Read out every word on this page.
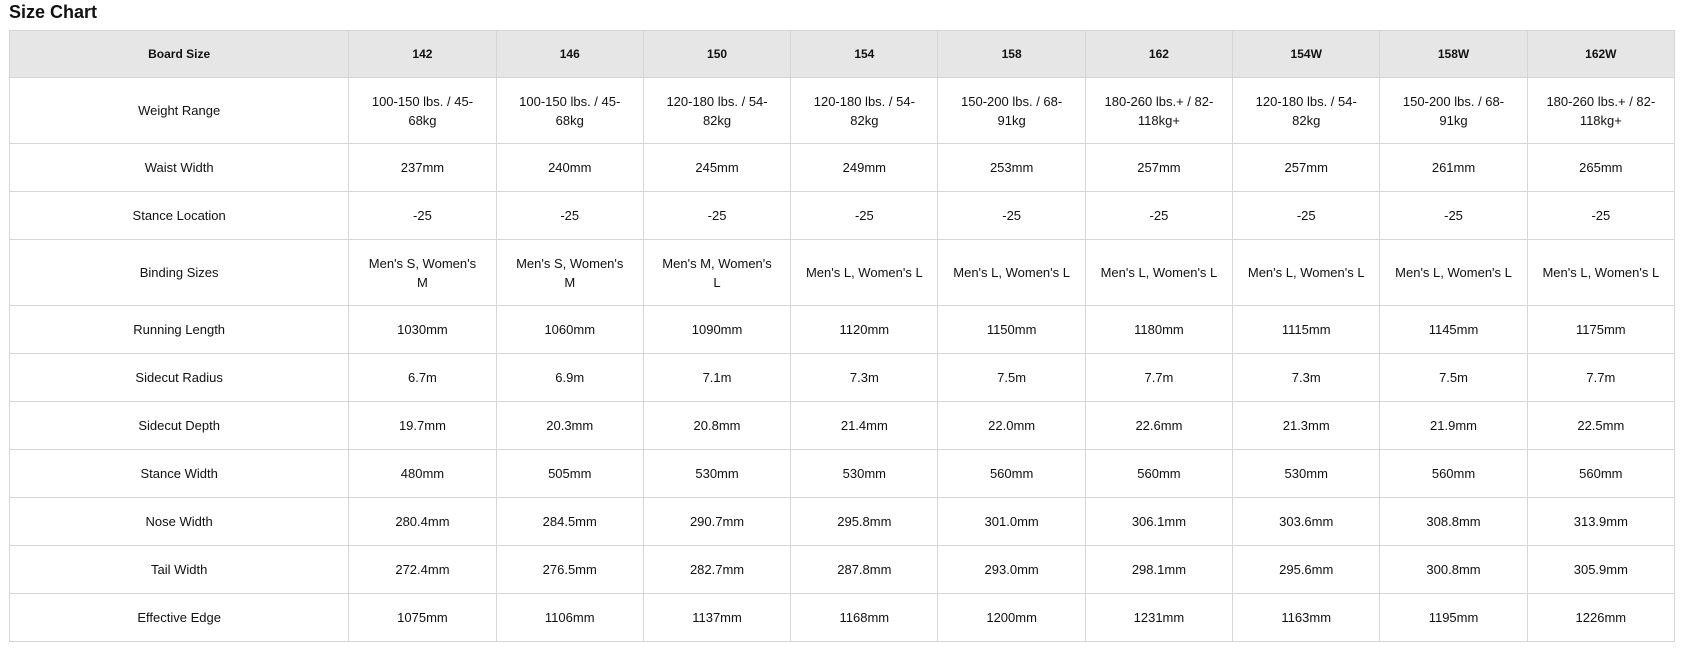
Size Chart
Board Size	142	146	150	154	158	162	154W	158W	162W
Weight Range	100-150 lbs. / 45-68kg	100-150 lbs. / 45-68kg	120-180 lbs. / 54-82kg	120-180 lbs. / 54-82kg	150-200 lbs. / 68-91kg	180-260 lbs.+ / 82-118kg+	120-180 lbs. / 54-82kg	150-200 lbs. / 68-91kg	180-260 lbs.+ / 82-118kg+
Waist Width	237mm	240mm	245mm	249mm	253mm	257mm	257mm	261mm	265mm
Stance Location	-25	-25	-25	-25	-25	-25	-25	-25	-25
Binding Sizes	Men's S, Women's M	Men's S, Women's M	Men's M, Women's L	Men's L, Women's L	Men's L, Women's L	Men's L, Women's L	Men's L, Women's L	Men's L, Women's L	Men's L, Women's L
Running Length	1030mm	1060mm	1090mm	1120mm	1150mm	1180mm	1115mm	1145mm	1175mm
Sidecut Radius	6.7m	6.9m	7.1m	7.3m	7.5m	7.7m	7.3m	7.5m	7.7m
Sidecut Depth	19.7mm	20.3mm	20.8mm	21.4mm	22.0mm	22.6mm	21.3mm	21.9mm	22.5mm
Stance Width	480mm	505mm	530mm	530mm	560mm	560mm	530mm	560mm	560mm
Nose Width	280.4mm	284.5mm	290.7mm	295.8mm	301.0mm	306.1mm	303.6mm	308.8mm	313.9mm
Tail Width	272.4mm	276.5mm	282.7mm	287.8mm	293.0mm	298.1mm	295.6mm	300.8mm	305.9mm
Effective Edge	1075mm	1106mm	1137mm	1168mm	1200mm	1231mm	1163mm	1195mm	1226mm
